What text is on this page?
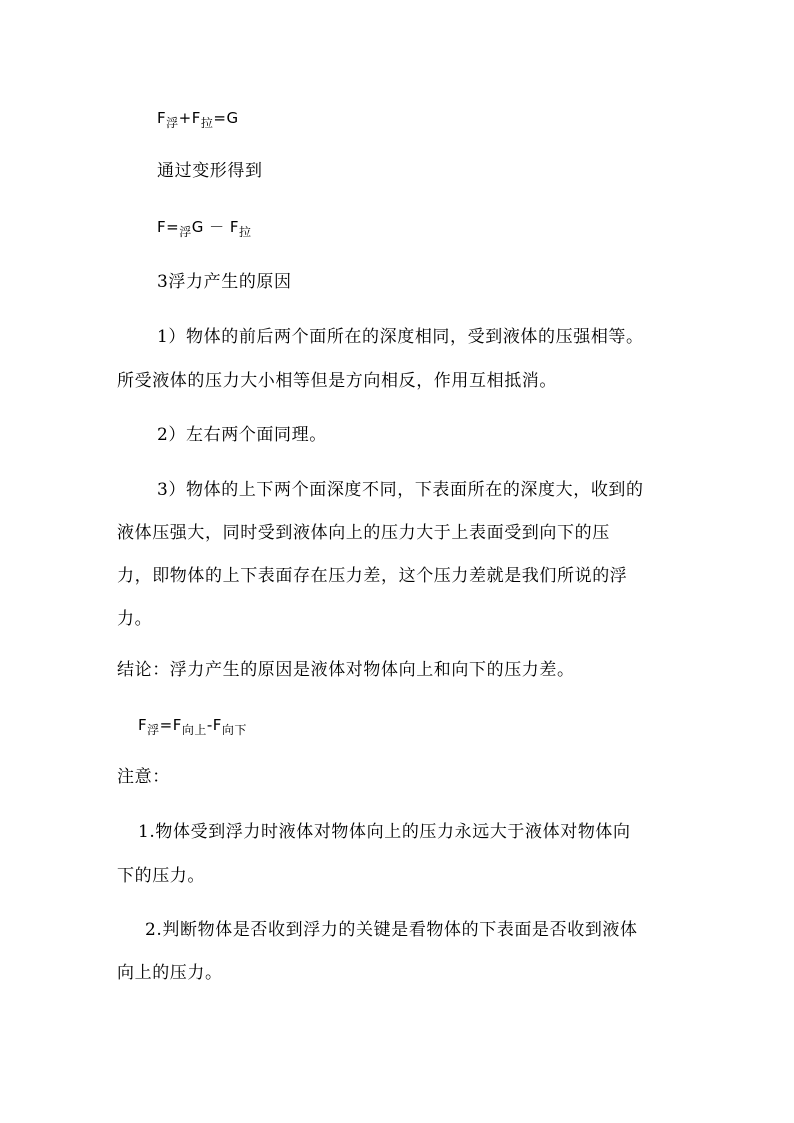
$F_浮+F_拉=G$
通过变形得到
$F=_浮G - F_拉$
3浮力产生的原因
1）物体的前后两个面所在的深度相同，受到液体的压强相等。
所受液体的压力大小相等但是方向相反，作用互相抵消。
2）左右两个面同理。
3）物体的上下两个面深度不同，下表面所在的深度大，收到的
液体压强大，同时受到液体向上的压力大于上表面受到向下的压
力，即物体的上下表面存在压力差，这个压力差就是我们所说的浮
力。
结论：浮力产生的原因是液体对物体向上和向下的压力差。
$F_浮=F_{向上}-F_{向下}$
注意：
1.物体受到浮力时液体对物体向上的压力永远大于液体对物体向
下的压力。
2.判断物体是否收到浮力的关键是看物体的下表面是否收到液体
向上的压力。
